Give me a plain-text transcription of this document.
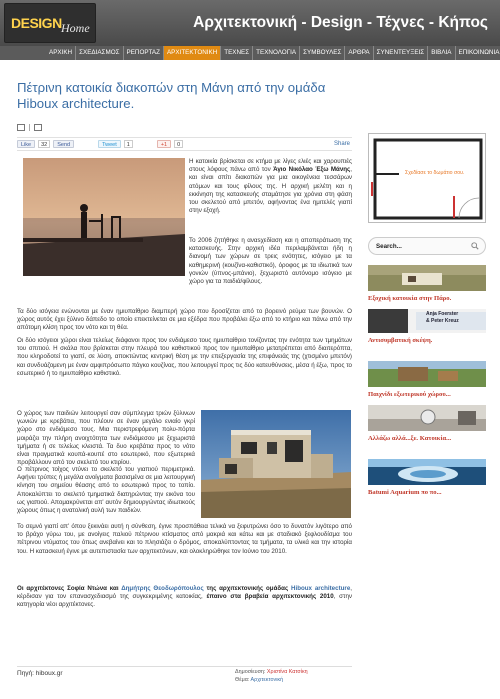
DESIGN Home	Αρχιτεκτονική - Design - Τέχνες - Κήπος
ΑΡΧΙΚΗ	ΣΧΕΔΙΑΣΜΟΣ	ΡΕΠΟΡΤΑΖ	ΑΡΧΙΤΕΚΤΟΝΙΚΗ	ΤΕΧΝΕΣ	ΤΕΧΝΟΛΟΓΙΑ	ΣΥΜΒΟΥΛΕΣ	ΑΡΘΡΑ	ΣΥΝΕΝΤΕΥΞΕΙΣ	ΒΙΒΛΙΑ	ΕΠΙΚΟΙΝΩΝΙΑ
Πέτρινη κατοικία διακοπών στη Μάνη από την ομάδα Hiboux architecture.
Like	32	Send	Tweet	1	+1	0	Share

Η κατοικία βρίσκεται σε κτήμα με λίγες ελιές και χαρουπιές στους λόφους πάνω από τον Άγιο Νικόλαο Έξω Μάνης, και είναι σπίτι διακοπών για μια οικογένεια τεσσάρων ατόμων και τους φίλους της. Η αρχική μελέτη και η εκκίνηση της κατασκευής σταμάτησε για χρόνια στη φάση του σκελετού από μπετόν, αφήνοντας ένα ημιτελές γιαπί στην εξοχή.

Το 2006 ζητήθηκε η αναsχεδίαση και η αποπεράτωση της κατασκευής. Στην αρχική ιδέα περιλαμβάνεται ήδη η διανομή των χώρων σε τρεις ενότητες, ισόγειο με τα καθημερινή (κουζίνα-καθιστικό), όροφος με τα ιδιωτικά των γονιών (ύπνος-μπάνιο), ξεχωριστό αυτόνομο ισόγειο με χώρο για τα παιδιά/φίλους.

Τα δύο ισόγεια ενώνονται με έναν ημιυπαίθριο διαμπερή χώρο που δροσίζεται από το βορεινό ρεύμα των βουνών. Ο χώρος αυτός έχει ξύλινο δάπεδο το οποίο επεκτείνεται σε μια εξέδρα που προβάλει έξω από το κτήριο και πάνω από την απότομη κλίση προς τον νότο και τη θέα.

Οι δύο ισόγειοι χώροι είναι τελείως διάφανοι προς τον ενδιάμεσο τους ημιυπαίθριο τονίζοντας την ενότητα των τμημάτων του σπιτιού. Η σκάλα που βρίσκεται στην πλευρά του καθιστικού προς τον ημιυπαίθριο μετατρέπεται από διαιτερόπτα, που κληροδοτεί το γιαπί, σε λύση, αποκτώντας κεντρική θέση με την επεξεργασία της επιφάνειάς της (χτισμένο μπετόν) και συνδυάζομενη με έναν αμφιπρόσωπο πάγκο κουζίνας, που λειτουργεί προς τις δύο κατευθύνσεις, μέσα ή έξω, προς το εσωτερικό ή το ημιυπαίθριο καθιστικό.

Ο χώρος των παιδιών λειτουργεί σαν σύμπλεγμα τριών ξύλινων γωνιών με κρεβάτια, που πλέουν σε έναν μεγάλο ενιαίο γκρί χώρο στο ενδιάμεσο τους. Μια περιστρεφόμενη πολυ-πόρτα μοιράζει την πλήρη ανοιχτότητα των ενδιάμεσου με ξεχωριστά τμήματα ή σε τελείως κλειστά. Τα δυο κρεβάτια προς το νότο είναι πραγματικά κουπά-κουπέ στο εσωτερικό, που εξωτερικά προβάλλουν από τον σκελετό του κτιρίου.

Ο πέτρινος τοίχος ντύνει το σκελετό του γιαπιού περιμετρικά. Αφήνει τρύπες ή μεγάλα ανοίγματα βασισμένα σε μια λειτουργική κίνηση του σημείου θέασης από το εσωτερικό προς το τοπίο. Αποκαλύπτει το σκελετό τμηματικά διατηρώντας την εικόνα του ως γιαπιού. Απομακρύνεται απ' αυτόν δημιουργώντας ιδιωτικούς χώρους όπως η ανατολική αυλή των παιδιών.

Το σεμνό γιαπί απ' όπου ξεκινάει αυτή η σύνθεση, έγινε προσπάθεια τελικά να ξεφυτρώνει όσο το δυνατόν λιγότερο από το βράχο γύρω του, με ανοίγεις παλιού πέτρινου κτίσματος από μακριά και κάτω και με σταδιακό ξεφλουδίσμα του πέτρινου ντύματος του όπως ανεβαίνει και το πλησιάζει ο δρόμος, αποκαλύπτοντας τα τμήματα, τα υλικά και την ιστορία του. Η κατασκευή έγινε με αυτεπιστασία των αρχιτεκτόνων, και ολοκληρώθηκε τον Ιούνιο του 2010.

Οι αρχιτέκτονες Σοφία Ντώνα και Δημήτρης Θεοδωρόπουλος της αρχιτεκτονικής ομάδας Hiboux architecture, κέρδισαν για τον επανασχεδιασμό της συγκεκριμένης κατοικίας, έπαινο στα βραβεία αρχιτεκτονικής 2010, στην κατηγορία νέοι αρχιτέκτονες.

Πηγή: hiboux.gr	Δημοσίευση: Χριστίνα Κατσίκη
Θέμα: Αρχιτεκτονική
Σχεδίασε το δωμάτιο σου.
Search...
Εξοχική κατοικία στην Πάρο.
Anja Foerster
& Peter Kreuz
Αντισυμβατική σκέψη.
Παιχνίδι εξωτερικού χώρου...
Αλλάζω αλλά...ξε. Κατοικία...
Batumi Aquarium πο πο...
